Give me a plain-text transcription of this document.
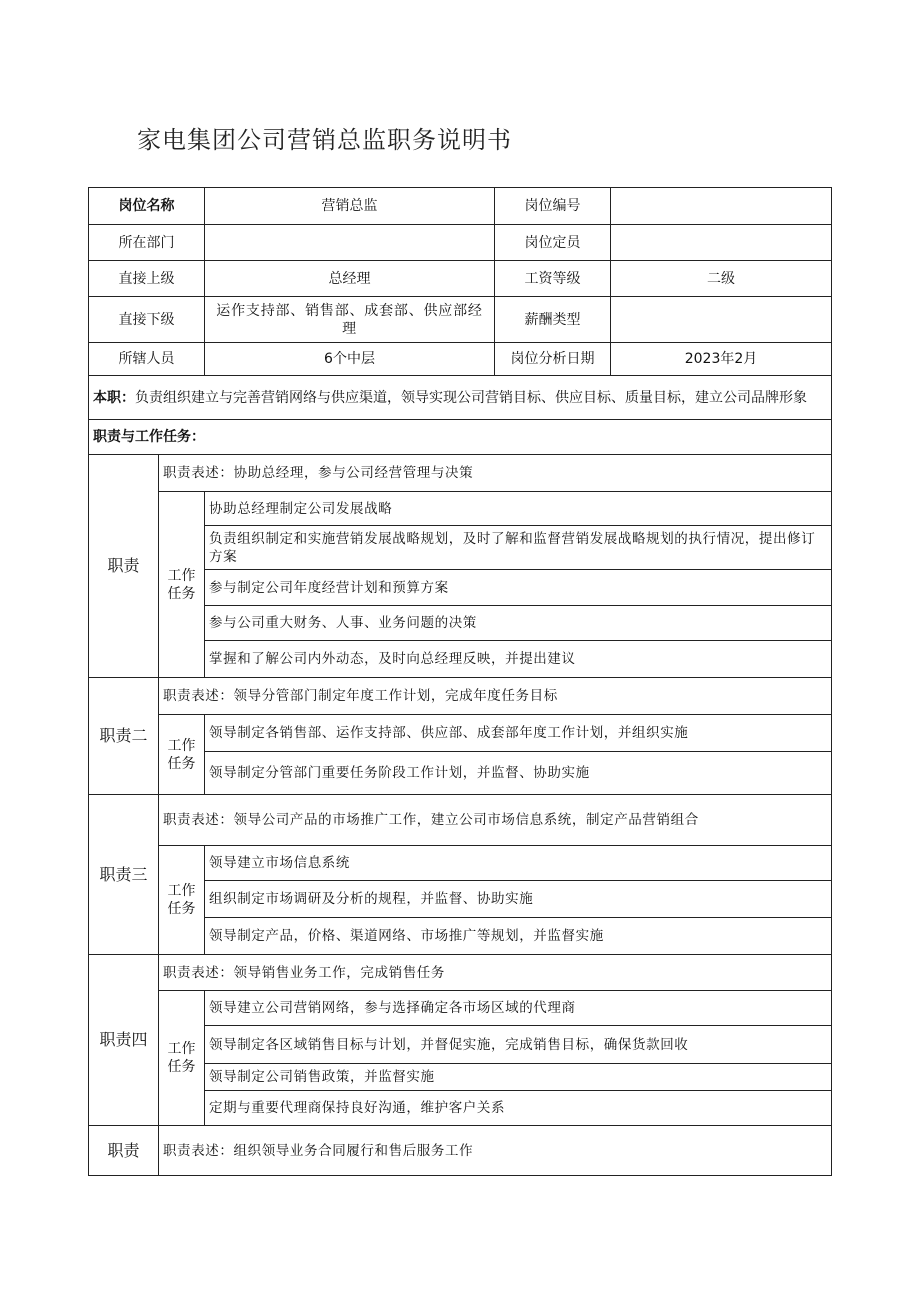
家电集团公司营销总监职务说明书
岗位名称		营销总监	岗位编号	
所在部门			岗位定员	
直接上级		总经理	工资等级	二级
直接下级		运作支持部、销售部、成套部、供应部经理	薪酬类型	
所辖人员		6个中层	岗位分析日期	2023年2月
本职：负责组织建立与完善营销网络与供应渠道，领导实现公司营销目标、供应目标、质量目标，建立公司品牌形象				
职责与工作任务：				
职责	职责表述：协助总经理，参与公司经营管理与决策			
	工作任务	协助总经理制定公司发展战略		
		负责组织制定和实施营销发展战略规划，及时了解和监督营销发展战略规划的执行情况，提出修订方案		
		参与制定公司年度经营计划和预算方案		
		参与公司重大财务、人事、业务问题的决策		
		掌握和了解公司内外动态，及时向总经理反映，并提出建议		
职责二	职责表述：领导分管部门制定年度工作计划，完成年度任务目标			
	工作任务	领导制定各销售部、运作支持部、供应部、成套部年度工作计划，并组织实施		
		领导制定分管部门重要任务阶段工作计划，并监督、协助实施		
职责三	职责表述：领导公司产品的市场推广工作，建立公司市场信息系统，制定产品营销组合			
	工作任务	领导建立市场信息系统		
		组织制定市场调研及分析的规程，并监督、协助实施		
		领导制定产品，价格、渠道网络、市场推广等规划，并监督实施		
职责四	职责表述：领导销售业务工作，完成销售任务			
	工作任务	领导建立公司营销网络，参与选择确定各市场区域的代理商		
		领导制定各区域销售目标与计划，并督促实施，完成销售目标，确保货款回收		
		领导制定公司销售政策，并监督实施		
		定期与重要代理商保持良好沟通，维护客户关系		
职责	职责表述：组织领导业务合同履行和售后服务工作			
